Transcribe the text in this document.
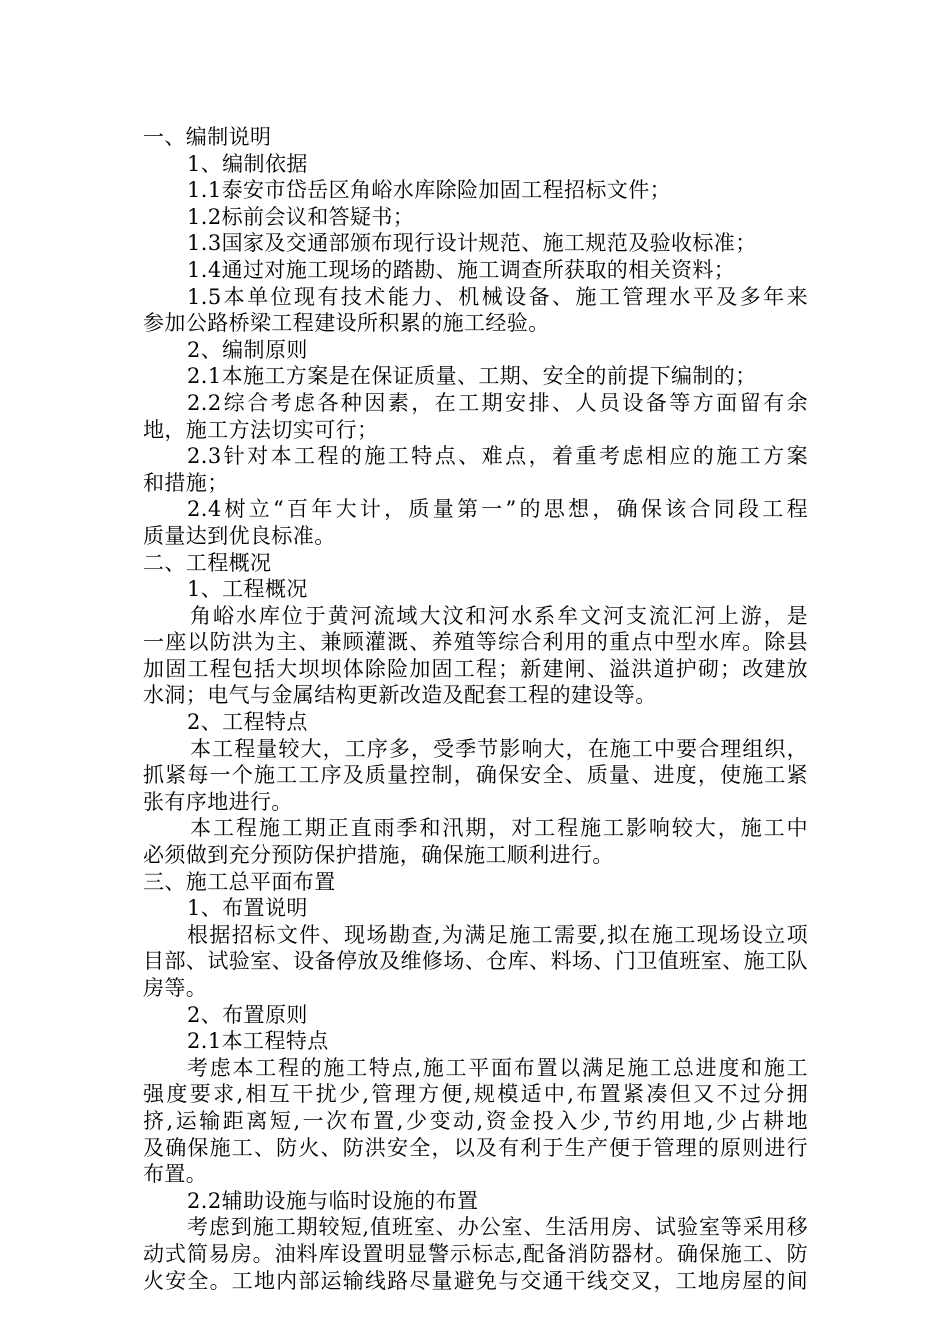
一、编制说明
1、编制依据
1.1泰安市岱岳区角峪水库除险加固工程招标文件；
1.2标前会议和答疑书；
1.3国家及交通部颁布现行设计规范、施工规范及验收标准；
1.4通过对施工现场的踏勘、施工调查所获取的相关资料；
1.5本单位现有技术能力、机械设备、施工管理水平及多年来
参加公路桥梁工程建设所积累的施工经验。
2、编制原则
2.1本施工方案是在保证质量、工期、安全的前提下编制的；
2.2综合考虑各种因素，在工期安排、人员设备等方面留有余
地，施工方法切实可行；
2.3针对本工程的施工特点、难点，着重考虑相应的施工方案
和措施；
2.4树立“百年大计，质量第一”的思想，确保该合同段工程
质量达到优良标准。
二、工程概况
1、工程概况
角峪水库位于黄河流域大汶和河水系牟文河支流汇河上游，是
一座以防洪为主、兼顾灌溉、养殖等综合利用的重点中型水库。除县
加固工程包括大坝坝体除险加固工程；新建闸、溢洪道护砌；改建放
水洞；电气与金属结构更新改造及配套工程的建设等。
2、工程特点
本工程量较大，工序多，受季节影响大，在施工中要合理组织，
抓紧每一个施工工序及质量控制，确保安全、质量、进度，使施工紧
张有序地进行。
本工程施工期正直雨季和汛期，对工程施工影响较大，施工中
必须做到充分预防保护措施，确保施工顺利进行。
三、施工总平面布置
1、布置说明
根据招标文件、现场勘查,为满足施工需要,拟在施工现场设立项
目部、试验室、设备停放及维修场、仓库、料场、门卫值班室、施工队
房等。
2、布置原则
2.1本工程特点
考虑本工程的施工特点,施工平面布置以满足施工总进度和施工
强度要求,相互干扰少,管理方便,规模适中,布置紧凑但又不过分拥
挤,运输距离短,一次布置,少变动,资金投入少,节约用地,少占耕地
及确保施工、防火、防洪安全，以及有利于生产便于管理的原则进行
布置。
2.2辅助设施与临时设施的布置
考虑到施工期较短,值班室、办公室、生活用房、试验室等采用移
动式简易房。油料库设置明显警示标志,配备消防器材。确保施工、防
火安全。工地内部运输线路尽量避免与交通干线交叉，工地房屋的间
